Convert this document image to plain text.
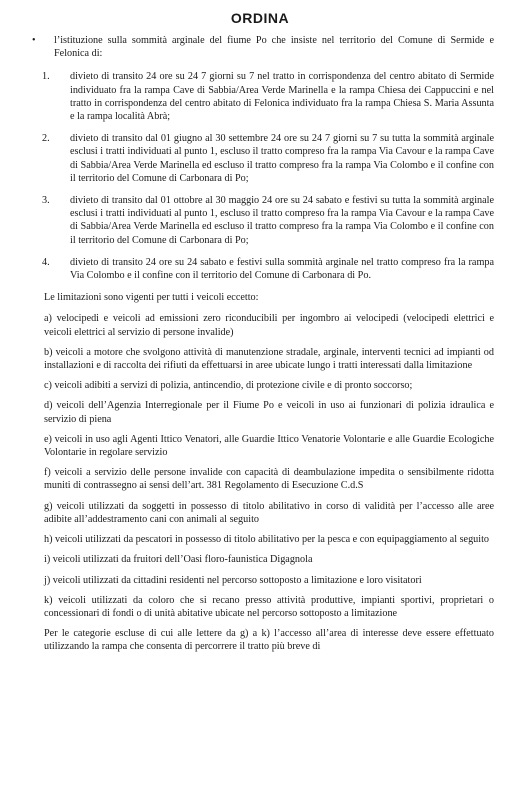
ORDINA
•	l’istituzione sulla sommità arginale del fiume Po che insiste nel territorio del Comune di Sermide e Felonica di:
1.	divieto di transito 24 ore su 24 7 giorni su 7 nel tratto in corrispondenza del centro abitato di Sermide individuato fra la rampa Cave di Sabbia/Area Verde Marinella e la rampa Chiesa dei Cappuccini e nel tratto in corrispondenza del centro abitato di Felonica individuato fra la rampa Chiesa S. Maria Assunta e la rampa località Abrà;
2.	divieto di transito dal 01 giugno al 30 settembre 24 ore su 24 7 giorni su 7 su tutta la sommità arginale esclusi i tratti individuati al punto 1, escluso il tratto compreso fra la rampa Via Cavour e la rampa Cave di Sabbia/Area Verde Marinella ed escluso il tratto compreso fra la rampa Via Colombo e il confine con il territorio del Comune di Carbonara di Po;
3.	divieto di transito dal 01 ottobre al 30 maggio 24 ore su 24 sabato e festivi su tutta la sommità arginale esclusi i tratti individuati al punto 1, escluso il tratto compreso fra la rampa Via Cavour e la rampa Cave di Sabbia/Area Verde Marinella ed escluso il tratto compreso fra la rampa Via Colombo e il confine con il territorio del Comune di Carbonara di Po;
4.	divieto di transito 24 ore su 24 sabato e festivi sulla sommità arginale nel tratto compreso fra la rampa Via Colombo e il confine con il territorio del Comune di Carbonara di Po.
Le limitazioni sono vigenti per tutti i veicoli eccetto:
a) velocipedi e veicoli ad emissioni zero riconducibili per ingombro ai velocipedi (velocipedi elettrici e veicoli elettrici al servizio di persone invalide)
b) veicoli a motore che svolgono attività di manutenzione stradale, arginale, interventi tecnici ad impianti od installazioni e di raccolta dei rifiuti da effettuarsi in aree ubicate lungo i tratti interessati dalla limitazione
c) veicoli adibiti a servizi di polizia, antincendio, di protezione civile e di pronto soccorso;
d) veicoli dell’Agenzia Interregionale per il Fiume Po e veicoli in uso ai funzionari di polizia idraulica e servizio di piena
e) veicoli in uso agli Agenti Ittico Venatori, alle Guardie Ittico Venatorie Volontarie e alle Guardie Ecologiche Volontarie in regolare servizio
f) veicoli a servizio delle persone invalide con capacità di deambulazione impedita o sensibilmente ridotta muniti di contrassegno ai sensi dell’art. 381 Regolamento di Esecuzione C.d.S
g) veicoli utilizzati da soggetti in possesso di titolo abilitativo in corso di validità per l’accesso alle aree adibite all’addestramento cani con animali al seguito
h) veicoli utilizzati da pescatori in possesso di titolo abilitativo per la pesca e con equipaggiamento al seguito
i) veicoli utilizzati da fruitori dell’Oasi floro-faunistica Digagnola
j) veicoli utilizzati da cittadini residenti nel percorso sottoposto a limitazione e loro visitatori
k) veicoli utilizzati da coloro che si recano presso attività produttive, impianti sportivi, proprietari o concessionari di fondi o di unità abitative ubicate nel percorso sottoposto a limitazione
Per le categorie escluse di cui alle lettere da g) a k) l’accesso all’area di interesse deve essere effettuato utilizzando la rampa che consenta di percorrere il tratto più breve di
